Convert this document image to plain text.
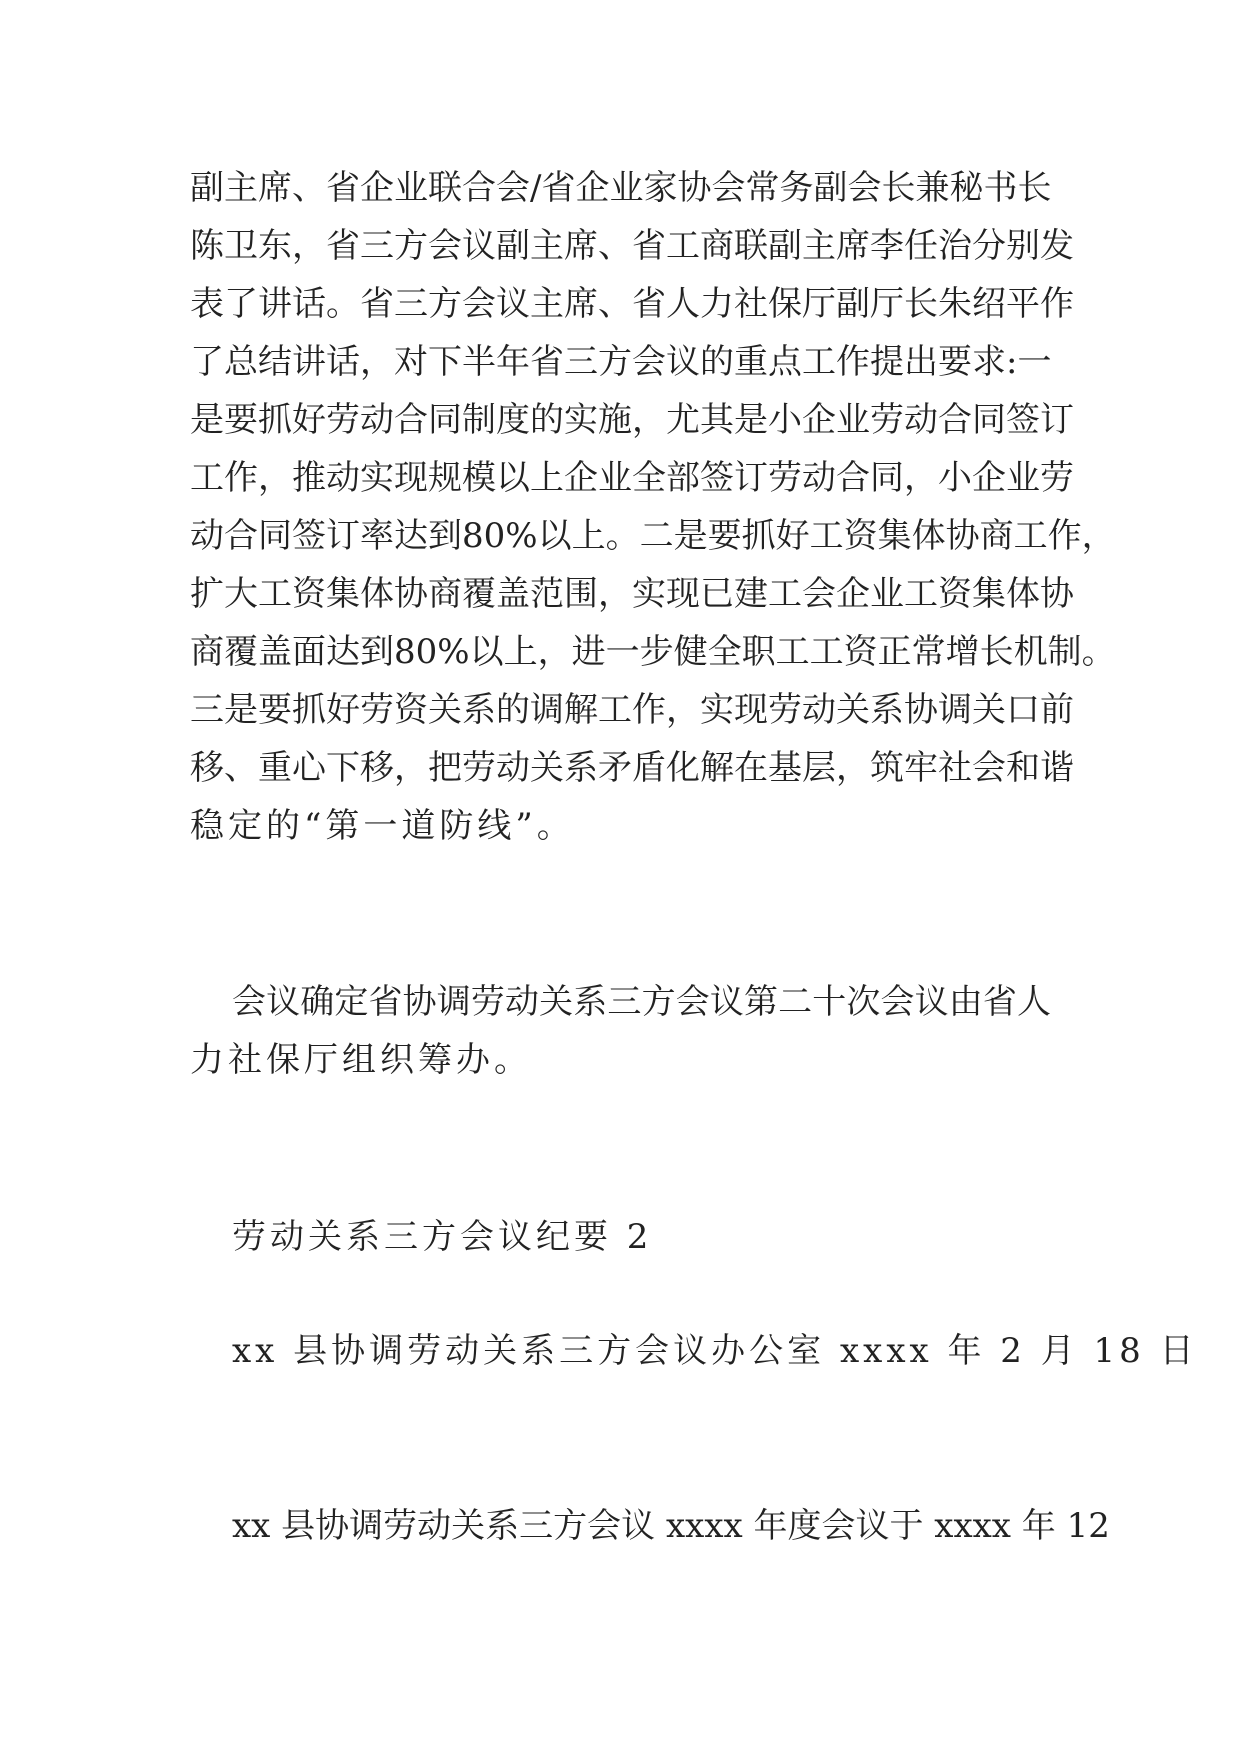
副主席、省企业联合会/省企业家协会常务副会长兼秘书长
陈卫东，省三方会议副主席、省工商联副主席李任治分别发
表了讲话。省三方会议主席、省人力社保厅副厅长朱绍平作
了总结讲话，对下半年省三方会议的重点工作提出要求:一
是要抓好劳动合同制度的实施，尤其是小企业劳动合同签订
工作，推动实现规模以上企业全部签订劳动合同，小企业劳
动合同签订率达到80%以上。二是要抓好工资集体协商工作，
扩大工资集体协商覆盖范围，实现已建工会企业工资集体协
商覆盖面达到80%以上，进一步健全职工工资正常增长机制。
三是要抓好劳资关系的调解工作，实现劳动关系协调关口前
移、重心下移，把劳动关系矛盾化解在基层，筑牢社会和谐
稳定的“第一道防线”。
会议确定省协调劳动关系三方会议第二十次会议由省人
力社保厅组织筹办。
劳动关系三方会议纪要 2
xx 县协调劳动关系三方会议办公室 xxxx 年 2 月 18 日
xx 县协调劳动关系三方会议 xxxx 年度会议于 xxxx 年 12
